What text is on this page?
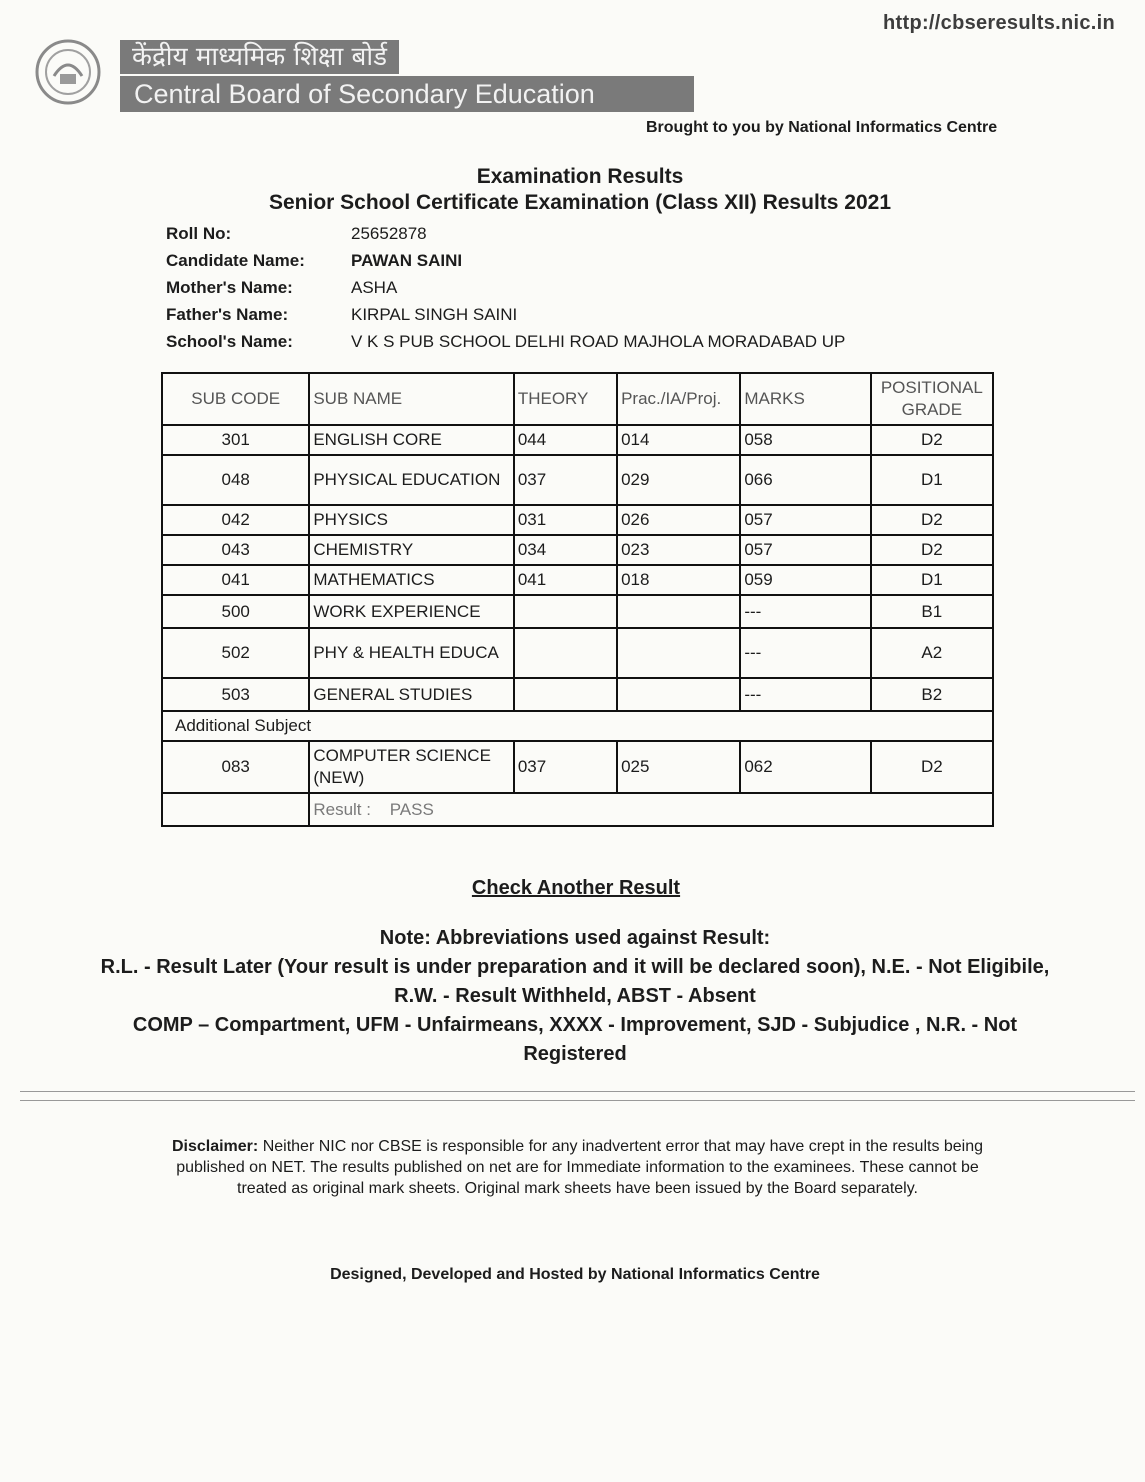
http://cbseresults.nic.in
केंद्रीय माध्यमिक शिक्षा बोर्ड
Central Board of Secondary Education
Brought to you by National Informatics Centre
Examination Results
Senior School Certificate Examination (Class XII) Results 2021
Roll No:	25652878
Candidate Name:	PAWAN SAINI
Mother's Name:	ASHA
Father's Name:	KIRPAL SINGH SAINI
School's Name:	V K S PUB SCHOOL DELHI ROAD MAJHOLA MORADABAD UP
SUB CODE	SUB NAME	THEORY	Prac./IA/Proj.	MARKS	POSITIONAL GRADE
301	ENGLISH CORE	044	014	058	D2
048	PHYSICAL EDUCATION	037	029	066	D1
042	PHYSICS	031	026	057	D2
043	CHEMISTRY	034	023	057	D2
041	MATHEMATICS	041	018	059	D1
500	WORK EXPERIENCE			---	B1
502	PHY & HEALTH EDUCA			---	A2
503	GENERAL STUDIES			---	B2
Additional Subject					
083	COMPUTER SCIENCE (NEW)	037	025	062	D2
	Result : PASS				
Check Another Result
Note: Abbreviations used against Result:
R.L. - Result Later (Your result is under preparation and it will be declared soon), N.E. - Not Eligibile,
R.W. - Result Withheld, ABST - Absent
COMP – Compartment, UFM - Unfairmeans, XXXX - Improvement, SJD - Subjudice , N.R. - Not
Registered
Disclaimer: Neither NIC nor CBSE is responsible for any inadvertent error that may have crept in the results being published on NET. The results published on net are for Immediate information to the examinees. These cannot be treated as original mark sheets. Original mark sheets have been issued by the Board separately.
Designed, Developed and Hosted by National Informatics Centre
